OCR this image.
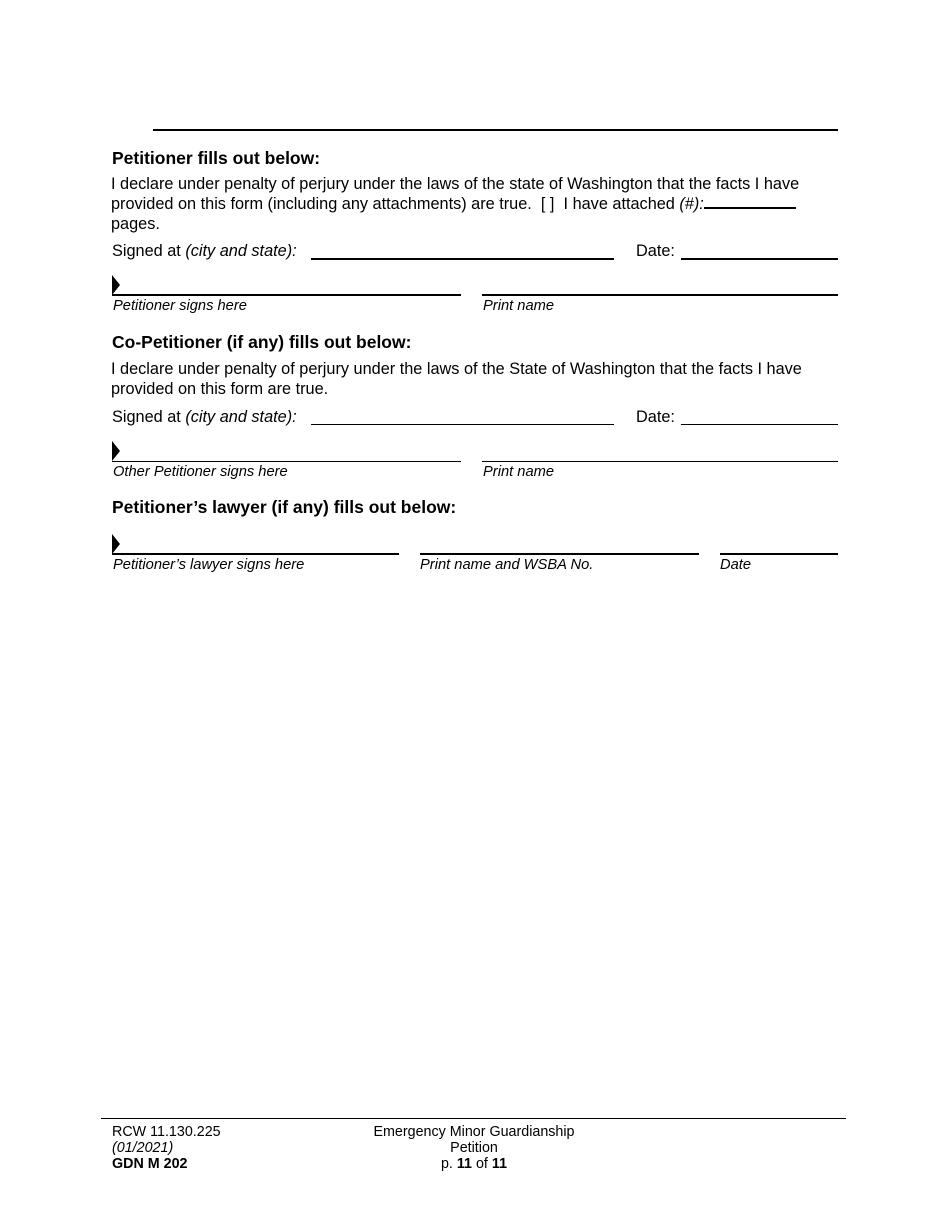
Petitioner fills out below:
I declare under penalty of perjury under the laws of the state of Washington that the facts I have provided on this form (including any attachments) are true. [ ] I have attached (#):
pages.
Signed at (city and state):	Date:
Petitioner signs here	Print name
Co-Petitioner (if any) fills out below:
I declare under penalty of perjury under the laws of the State of Washington that the facts I have provided on this form are true.
Signed at (city and state):	Date:
Other Petitioner signs here	Print name
Petitioner’s lawyer (if any) fills out below:
Petitioner’s lawyer signs here	Print name and WSBA No.	Date
RCW 11.130.225
(01/2021)
GDN M 202
Emergency Minor Guardianship
Petition
p. 11 of 11
